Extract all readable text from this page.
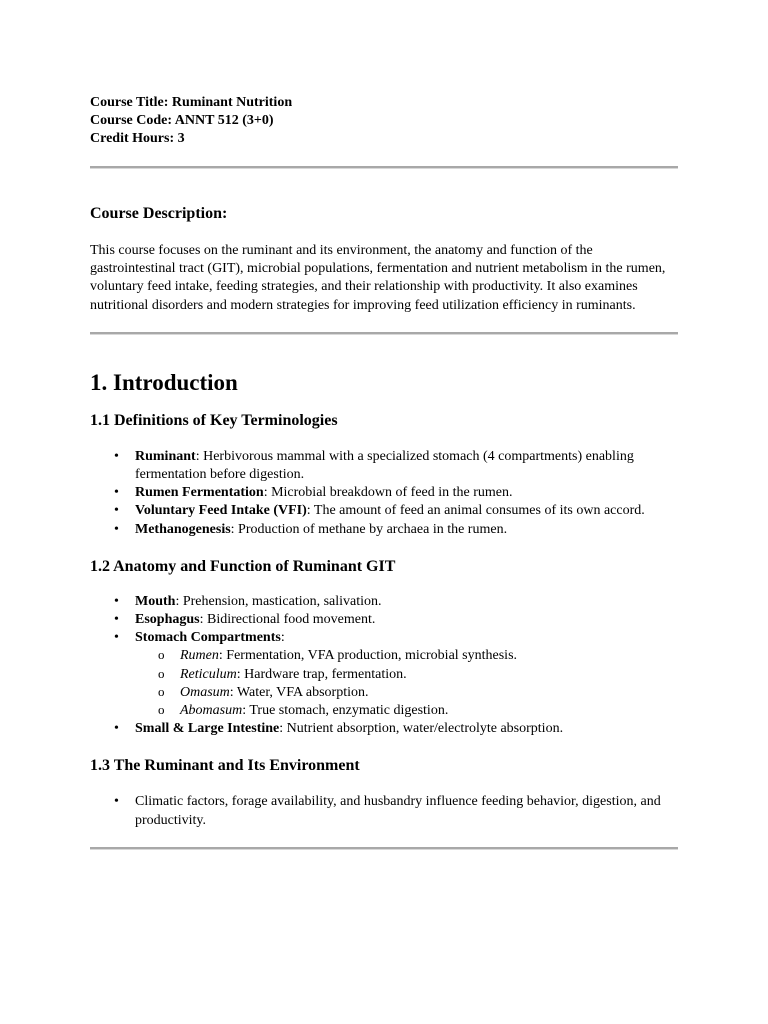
Course Title: Ruminant Nutrition

Course Code: ANNT 512 (3+0)

Credit Hours: 3

Course Description:

This course focuses on the ruminant and its environment, the anatomy and function of the gastrointestinal tract (GIT), microbial populations, fermentation and nutrient metabolism in the rumen, voluntary feed intake, feeding strategies, and their relationship with productivity. It also examines nutritional disorders and modern strategies for improving feed utilization efficiency in ruminants.

1. Introduction
1.1 Definitions of Key Terminologies
• Ruminant: Herbivorous mammal with a specialized stomach (4 compartments) enabling fermentation before digestion.
• Rumen Fermentation: Microbial breakdown of feed in the rumen.
• Voluntary Feed Intake (VFI): The amount of feed an animal consumes of its own accord.
• Methanogenesis: Production of methane by archaea in the rumen.
1.2 Anatomy and Function of Ruminant GIT
• Mouth: Prehension, mastication, salivation.
• Esophagus: Bidirectional food movement.
• Stomach Compartments:
o Rumen: Fermentation, VFA production, microbial synthesis.
o Reticulum: Hardware trap, fermentation.
o Omasum: Water, VFA absorption.
o Abomasum: True stomach, enzymatic digestion.
• Small & Large Intestine: Nutrient absorption, water/electrolyte absorption.
1.3 The Ruminant and Its Environment
• Climatic factors, forage availability, and husbandry influence feeding behavior, digestion, and productivity.
